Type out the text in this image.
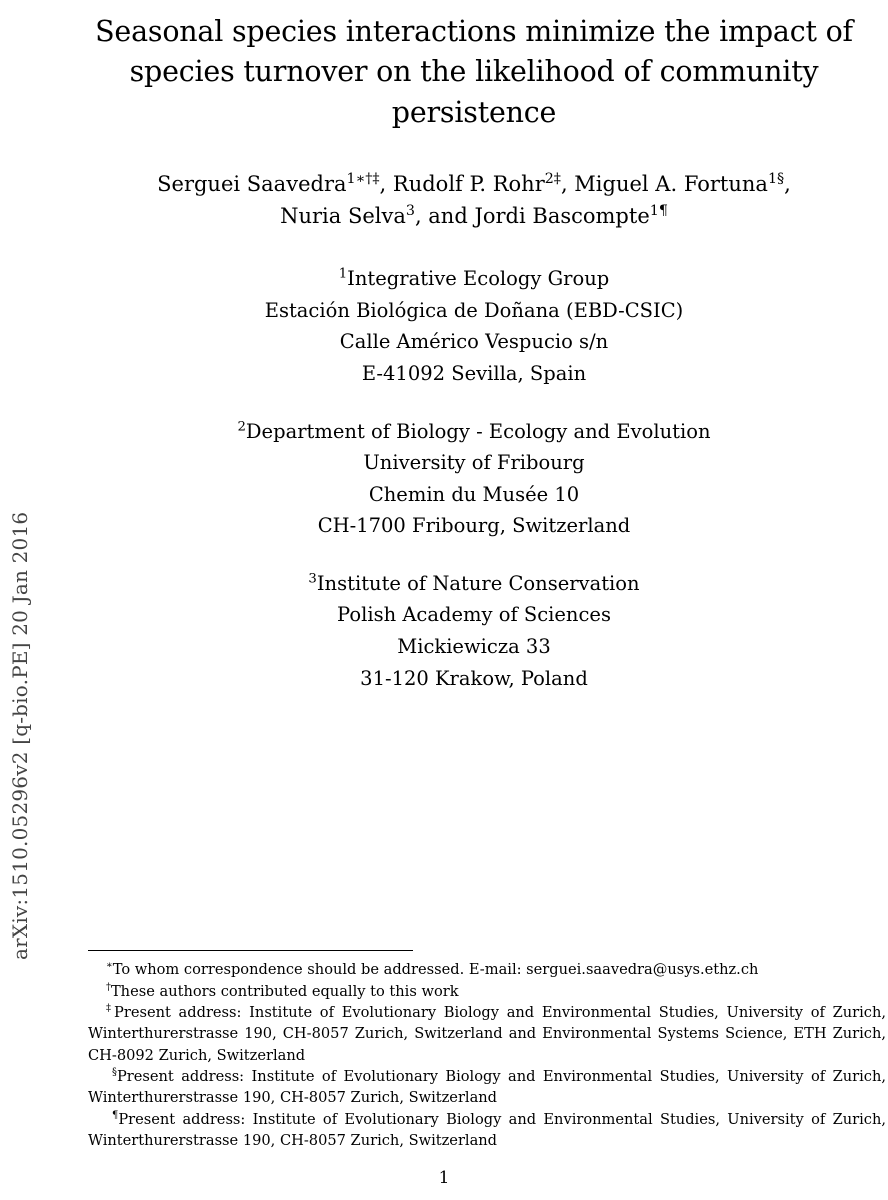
arXiv:1510.05296v2 [q-bio.PE] 20 Jan 2016
Seasonal species interactions minimize the impact of species turnover on the likelihood of community persistence
Serguei Saavedra$^{1∗\dagger\ddagger}$, Rudolf P. Rohr$^{2\ddagger}$, Miguel A. Fortuna$^{1\S}$,
Nuria Selva$^3$, and Jordi Bascompte$^{1\P}$
$^1$Integrative Ecology Group
Estación Biológica de Doñana (EBD-CSIC)
Calle Américo Vespucio s/n
E-41092 Sevilla, Spain
$^2$Department of Biology - Ecology and Evolution
University of Fribourg
Chemin du Musée 10
CH-1700 Fribourg, Switzerland
$^3$Institute of Nature Conservation
Polish Academy of Sciences
Mickiewicza 33
31-120 Krakow, Poland

∗To whom correspondence should be addressed. E-mail: serguei.saavedra@usys.ethz.ch

†These authors contributed equally to this work

‡Present address: Institute of Evolutionary Biology and Environmental Studies, University of Zurich, Winterthurerstrasse 190, CH-8057 Zurich, Switzerland and Environmental Systems Science, ETH Zurich, CH-8092 Zurich, Switzerland

§Present address: Institute of Evolutionary Biology and Environmental Studies, University of Zurich, Winterthurerstrasse 190, CH-8057 Zurich, Switzerland

¶Present address: Institute of Evolutionary Biology and Environmental Studies, University of Zurich, Winterthurerstrasse 190, CH-8057 Zurich, Switzerland

1
